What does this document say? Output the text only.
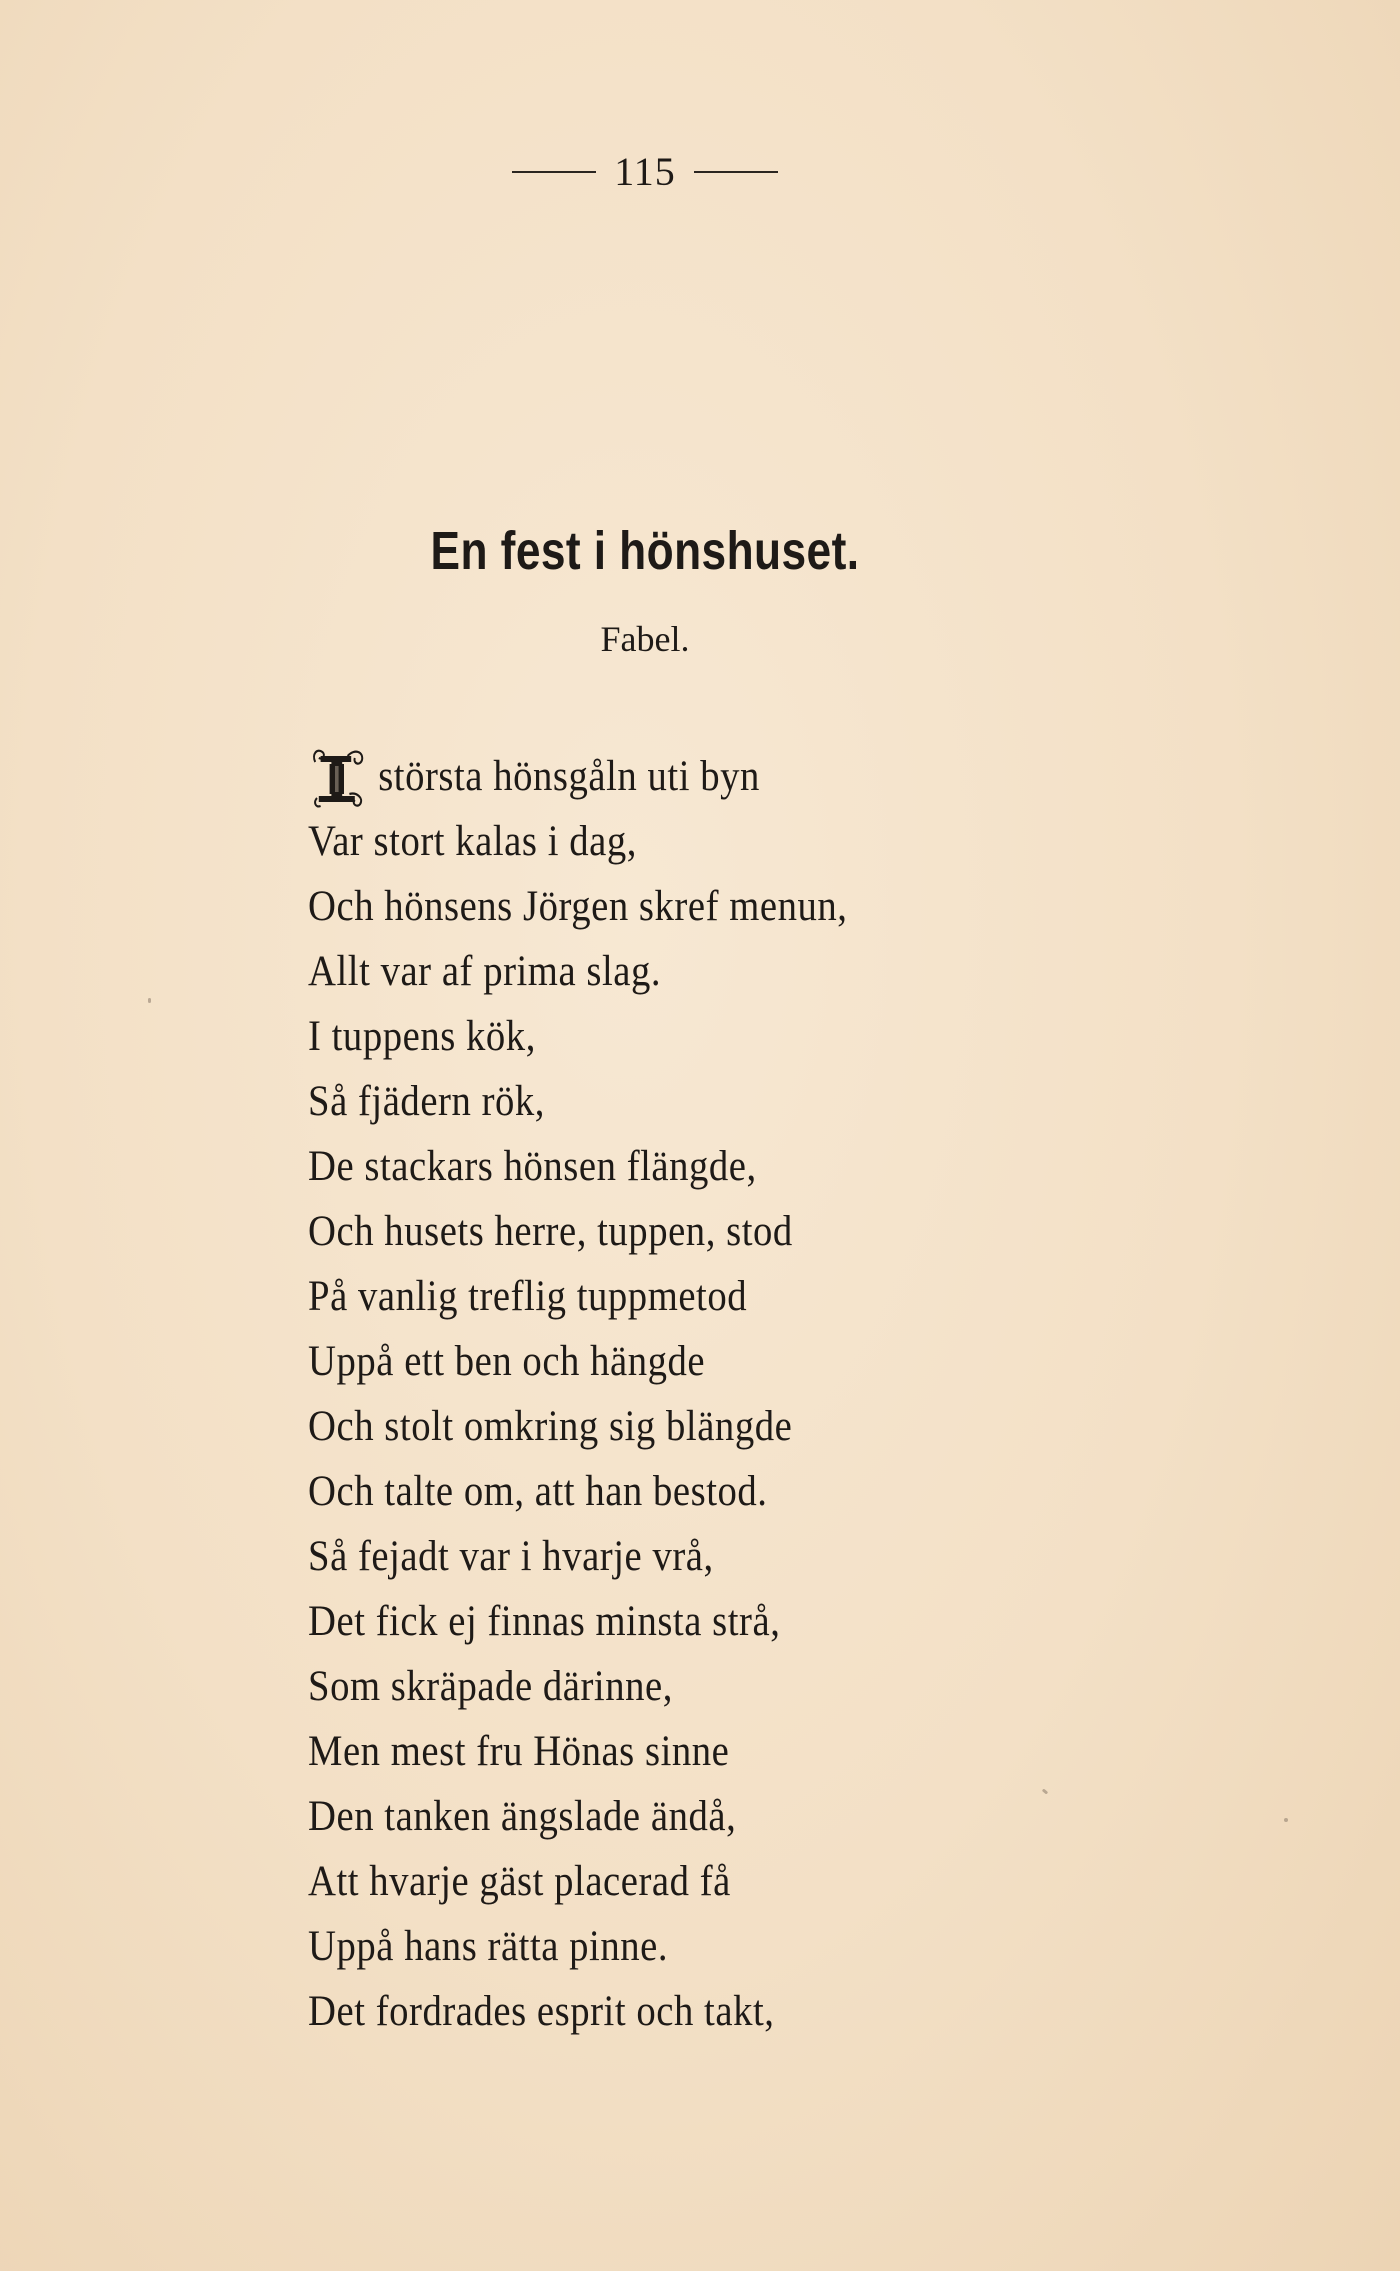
115
En fest i hönshuset.
Fabel.
största hönsgåln uti byn
Var stort kalas i dag,
Och hönsens Jörgen skref menun,
Allt var af prima slag.
I tuppens kök,
Så fjädern rök,
De stackars hönsen flängde,
Och husets herre, tuppen, stod
På vanlig treflig tuppmetod
Uppå ett ben och hängde
Och stolt omkring sig blängde
Och talte om, att han bestod.
Så fejadt var i hvarje vrå,
Det fick ej finnas minsta strå,
Som skräpade därinne,
Men mest fru Hönas sinne
Den tanken ängslade ändå,
Att hvarje gäst placerad få
Uppå hans rätta pinne.
Det fordrades esprit och takt,
